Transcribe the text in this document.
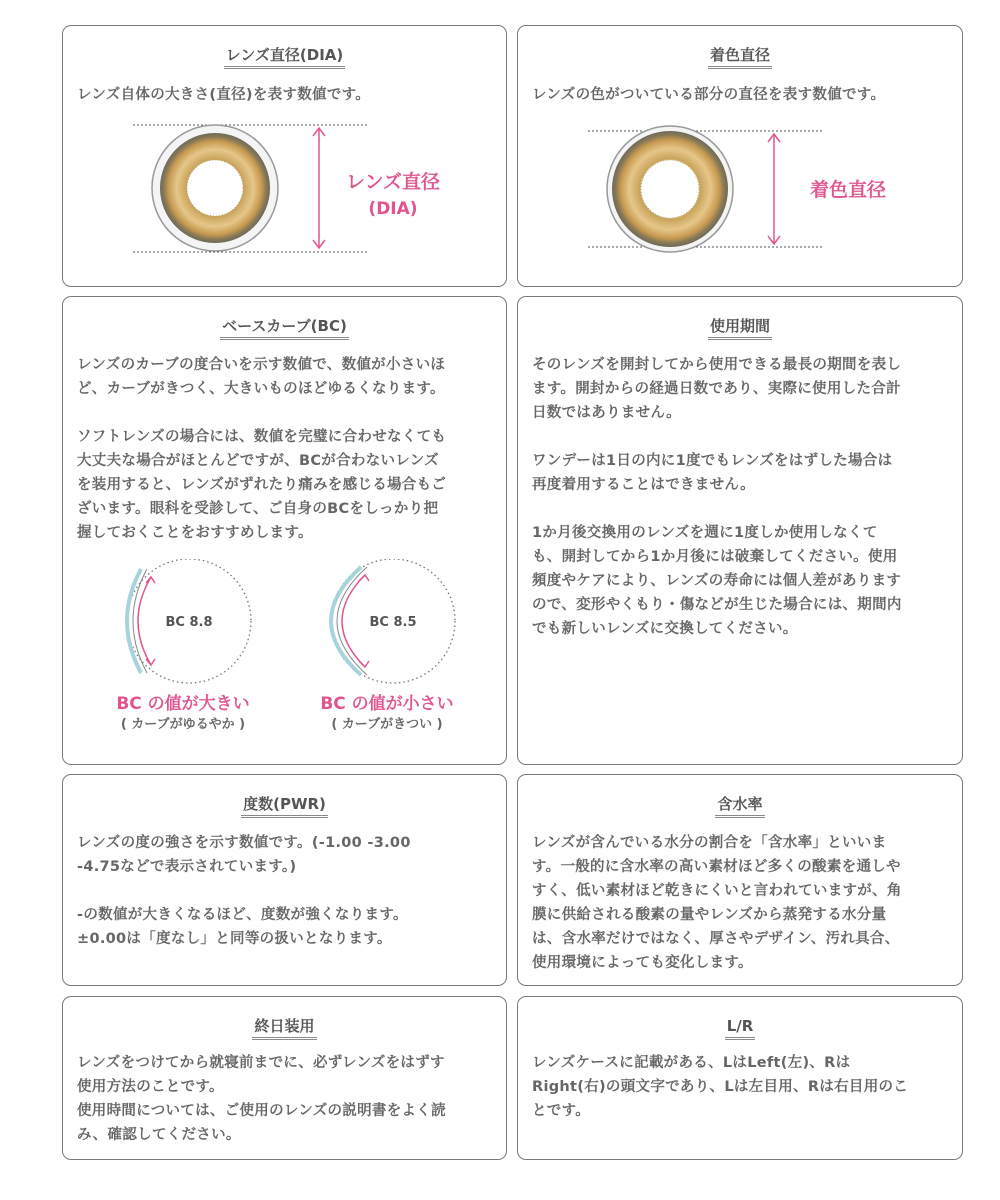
レンズ直径(DIA)
レンズ自体の大きさ(直径)を表す数値です。
レンズ直径
(DIA)
着色直径
レンズの色がついている部分の直径を表す数値です。
着色直径
ベースカーブ(BC)
レンズのカーブの度合いを示す数値で、数値が小さいほ
ど、カーブがきつく、大きいものほどゆるくなります。

ソフトレンズの場合には、数値を完璧に合わせなくても
大丈夫な場合がほとんどですが、BCが合わないレンズ
を装用すると、レンズがずれたり痛みを感じる場合もご
ざいます。眼科を受診して、ご自身のBCをしっかり把
握しておくことをおすすめします。
BC 8.8
BC の値が大きい
( カーブがゆるやか )
BC 8.5
BC の値が小さい
( カーブがきつい )
使用期間
そのレンズを開封してから使用できる最長の期間を表し
ます。開封からの経過日数であり、実際に使用した合計
日数ではありません。

ワンデーは1日の内に1度でもレンズをはずした場合は
再度着用することはできません。

1か月後交換用のレンズを週に1度しか使用しなくて
も、開封してから1か月後には破棄してください。使用
頻度やケアにより、レンズの寿命には個人差があります
ので、変形やくもり・傷などが生じた場合には、期間内
でも新しいレンズに交換してください。
度数(PWR)
レンズの度の強さを示す数値です。(-1.00 -3.00
-4.75などで表示されています。)

-の数値が大きくなるほど、度数が強くなります。
±0.00は「度なし」と同等の扱いとなります。
含水率
レンズが含んでいる水分の割合を「含水率」といいま
す。一般的に含水率の高い素材ほど多くの酸素を通しや
すく、低い素材ほど乾きにくいと言われていますが、角
膜に供給される酸素の量やレンズから蒸発する水分量
は、含水率だけではなく、厚さやデザイン、汚れ具合、
使用環境によっても変化します。
終日装用
レンズをつけてから就寝前までに、必ずレンズをはずす
使用方法のことです。
使用時間については、ご使用のレンズの説明書をよく読
み、確認してください。
L/R
レンズケースに記載がある、LはLeft(左)、Rは
Right(右)の頭文字であり、Lは左目用、Rは右目用のこ
とです。
